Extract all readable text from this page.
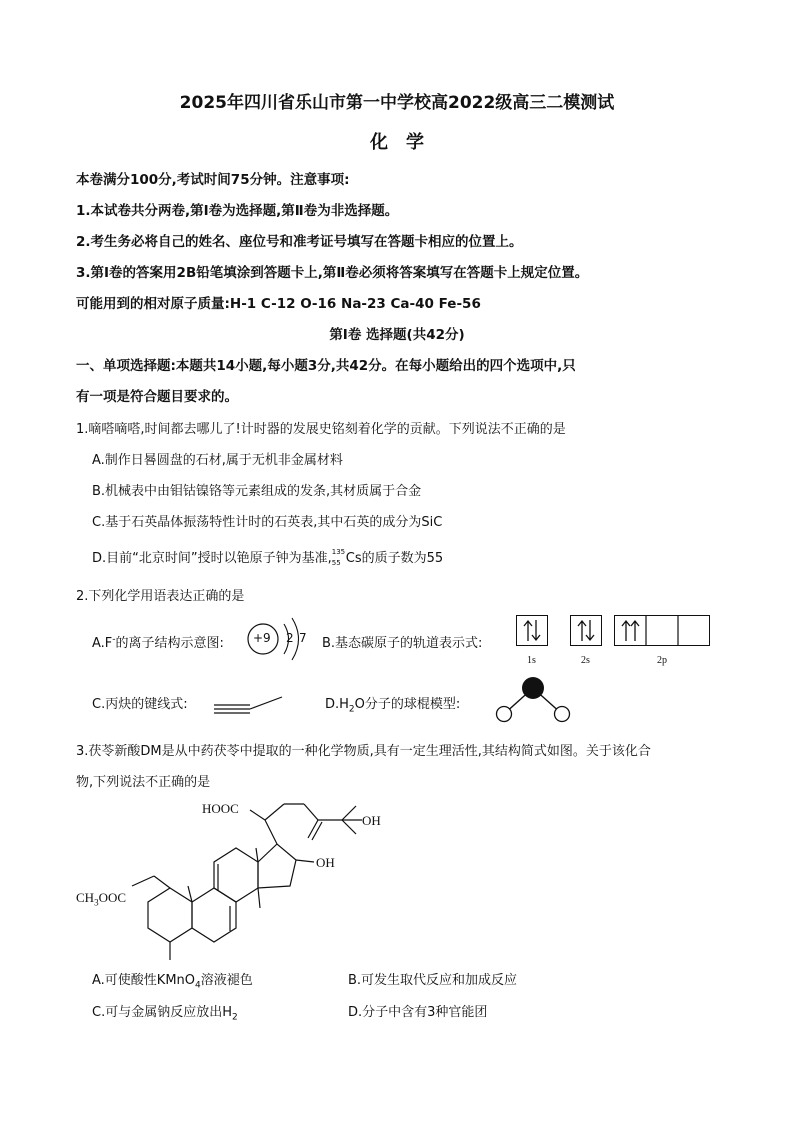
2025年四川省乐山市第一中学校高2022级高三二模测试
化学
本卷满分100分,考试时间75分钟。注意事项:
1.本试卷共分两卷,第Ⅰ卷为选择题,第Ⅱ卷为非选择题。
2.考生务必将自己的姓名、座位号和准考证号填写在答题卡相应的位置上。
3.第Ⅰ卷的答案用2B铅笔填涂到答题卡上,第Ⅱ卷必须将答案填写在答题卡上规定位置。
可能用到的相对原子质量:H-1 C-12 O-16 Na-23 Ca-40 Fe-56
第Ⅰ卷 选择题(共42分)
一、单项选择题:本题共14小题,每小题3分,共42分。在每小题给出的四个选项中,只
有一项是符合题目要求的。
1.嘀嗒嘀嗒,时间都去哪儿了!计时器的发展史铭刻着化学的贡献。下列说法不正确的是
A.制作日晷圆盘的石材,属于无机非金属材料
B.机械表中由钼钴镍铬等元素组成的发条,其材质属于合金
C.基于石英晶体振荡特性计时的石英表,其中石英的成分为SiC
D.目前“北京时间”授时以铯原子钟为基准, 135
55 Cs的质子数为55
2.下列化学用语表达正确的是
A.F-的离子结构示意图: +9 2 7 B.基态碳原子的轨道表示式:
1s	2s	2p
C.丙炔的键线式:	$D.H_2O$分子的球棍模型:
3.茯苓新酸DM是从中药茯苓中提取的一种化学物质,具有一定生理活性,其结构简式如图。关于该化合
物,下列说法不正确的是
HOOC
OH
OH
$CH_3OOC$
A.可使酸性KMnO$_4$溶液褪色	B.可发生取代反应和加成反应
C.可与金属钠反应放出$H_2$	D.分子中含有3种官能团
